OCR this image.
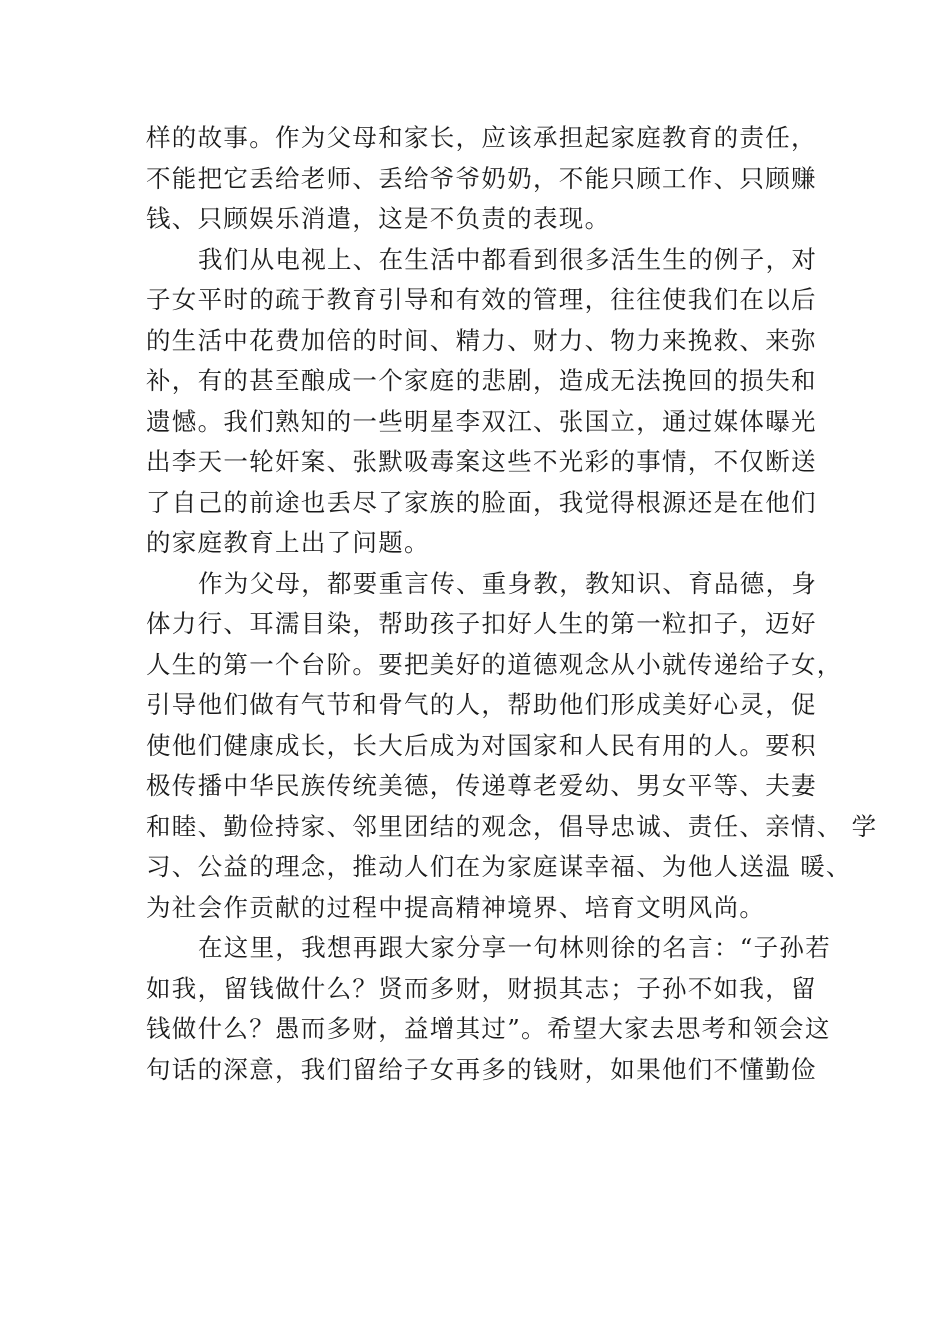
样的故事。作为父母和家长，应该承担起家庭教育的责任，
不能把它丢给老师、丢给爷爷奶奶，不能只顾工作、只顾赚
钱、只顾娱乐消遣，这是不负责的表现。
我们从电视上、在生活中都看到很多活生生的例子，对
子女平时的疏于教育引导和有效的管理，往往使我们在以后
的生活中花费加倍的时间、精力、财力、物力来挽救、来弥
补，有的甚至酿成一个家庭的悲剧，造成无法挽回的损失和
遗憾。我们熟知的一些明星李双江、张国立，通过媒体曝光
出李天一轮奸案、张默吸毒案这些不光彩的事情，不仅断送
了自己的前途也丢尽了家族的脸面，我觉得根源还是在他们
的家庭教育上出了问题。
作为父母，都要重言传、重身教，教知识、育品德，身
体力行、耳濡目染，帮助孩子扣好人生的第一粒扣子，迈好
人生的第一个台阶。要把美好的道德观念从小就传递给子女，
引导他们做有气节和骨气的人，帮助他们形成美好心灵，促
使他们健康成长，长大后成为对国家和人民有用的人。要积
极传播中华民族传统美德，传递尊老爱幼、男女平等、夫妻
和睦、勤俭持家、邻里团结的观念，倡导忠诚、责任、亲情、 学
习、公益的理念，推动人们在为家庭谋幸福、为他人送温 暖、
为社会作贡献的过程中提高精神境界、培育文明风尚。
在这里，我想再跟大家分享一句林则徐的名言：“子孙若
如我，留钱做什么？贤而多财，财损其志；子孙不如我，留
钱做什么？愚而多财，益增其过”。希望大家去思考和领会这
句话的深意，我们留给子女再多的钱财，如果他们不懂勤俭
